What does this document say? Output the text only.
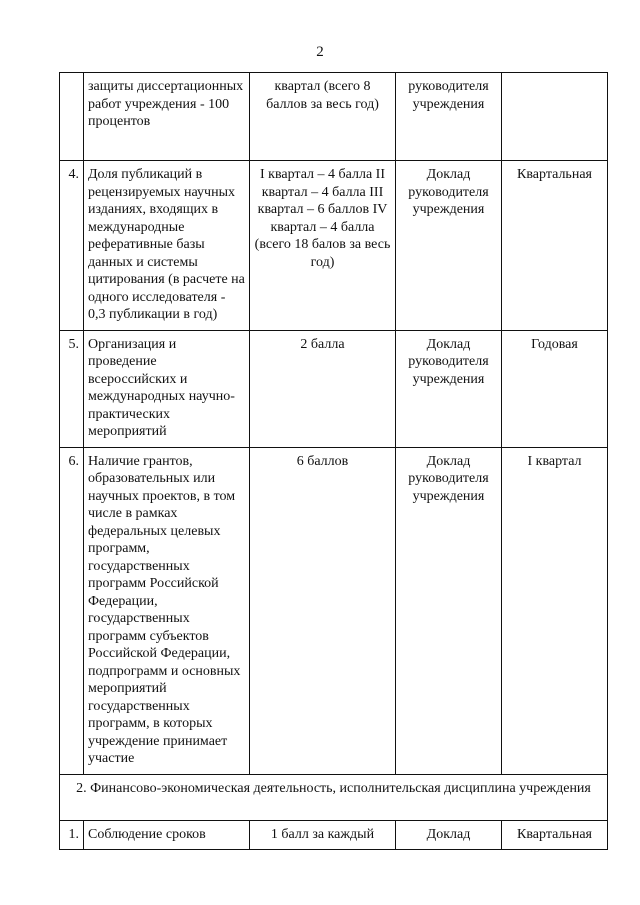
2
	защиты диссертационных работ учреждения - 100 процентов	квартал (всего 8 баллов за весь год)	руководителя учреждения	
4.	Доля публикаций в рецензируемых научных изданиях, входящих в международные реферативные базы данных и системы цитирования (в расчете на одного исследователя - 0,3 публикации в год)	I квартал – 4 балла II квартал – 4 балла III квартал – 6 баллов IV квартал – 4 балла (всего 18 балов за весь год)	Доклад руководителя учреждения	Квартальная
5.	Организация и проведение всероссийских и международных научно-практических мероприятий	2 балла	Доклад руководителя учреждения	Годовая
6.	Наличие грантов, образовательных или научных проектов, в том числе в рамках федеральных целевых программ, государственных программ Российской Федерации, государственных программ субъектов Российской Федерации, подпрограмм и основных мероприятий государственных программ, в которых учреждение принимает участие	6 баллов	Доклад руководителя учреждения	I квартал
2. Финансово-экономическая деятельность, исполнительская дисциплина учреждения				
1.	Соблюдение сроков	1 балл за каждый	Доклад	Квартальная
